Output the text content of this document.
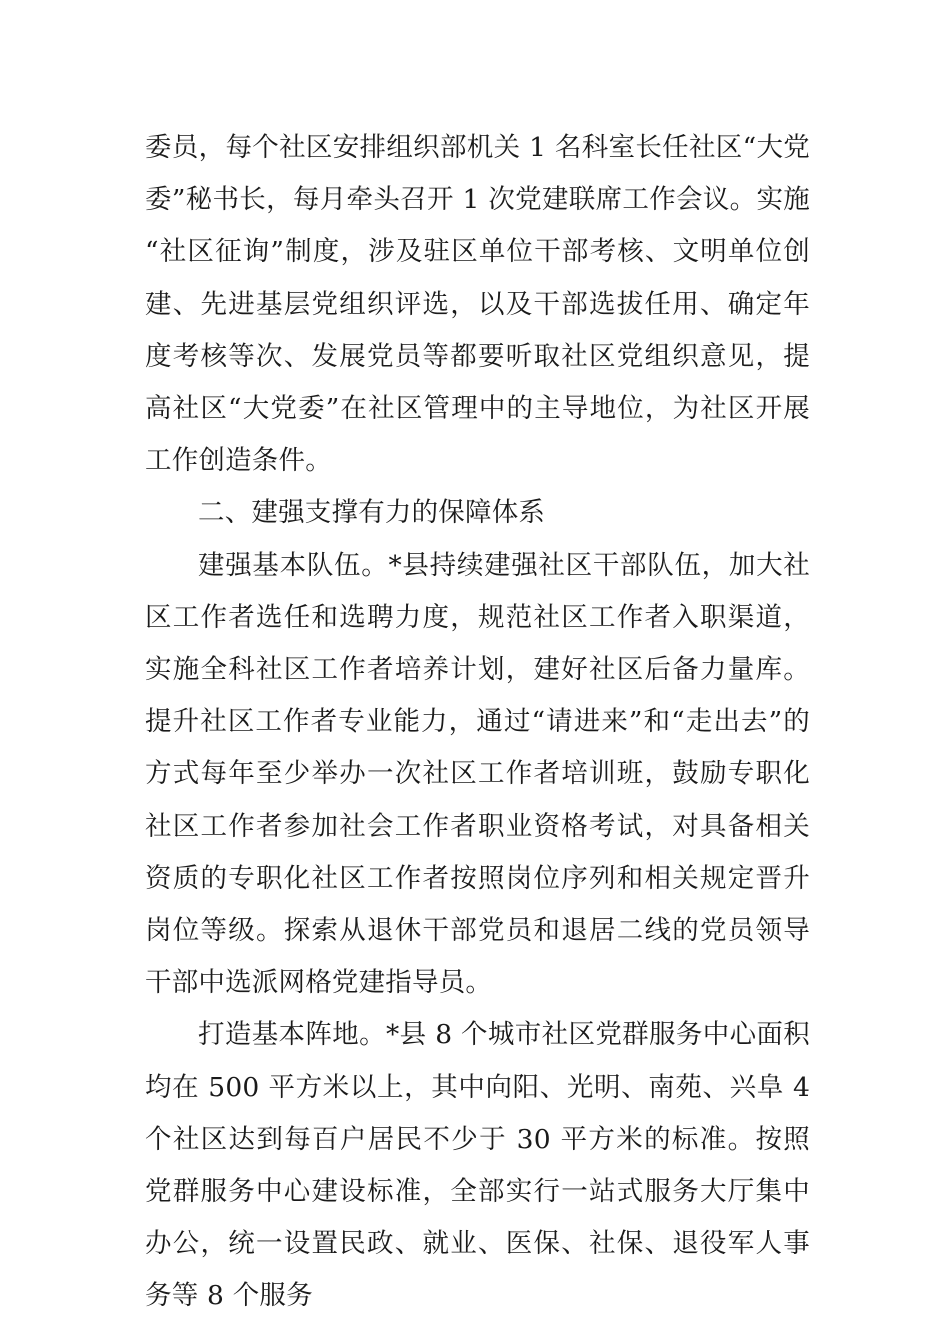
委员，每个社区安排组织部机关 1 名科室长任社区“大党委”秘书长，每月牵头召开 1 次党建联席工作会议。实施“社区征询”制度，涉及驻区单位干部考核、文明单位创建、先进基层党组织评选，以及干部选拔任用、确定年度考核等次、发展党员等都要听取社区党组织意见，提高社区“大党委”在社区管理中的主导地位，为社区开展工作创造条件。

二、建强支撑有力的保障体系

建强基本队伍。*县持续建强社区干部队伍，加大社区工作者选任和选聘力度，规范社区工作者入职渠道，实施全科社区工作者培养计划，建好社区后备力量库。提升社区工作者专业能力，通过“请进来”和“走出去”的方式每年至少举办一次社区工作者培训班，鼓励专职化社区工作者参加社会工作者职业资格考试，对具备相关资质的专职化社区工作者按照岗位序列和相关规定晋升岗位等级。探索从退休干部党员和退居二线的党员领导干部中选派网格党建指导员。

打造基本阵地。*县 8 个城市社区党群服务中心面积均在 500 平方米以上，其中向阳、光明、南苑、兴阜 4 个社区达到每百户居民不少于 30 平方米的标准。按照党群服务中心建设标准，全部实行一站式服务大厅集中办公，统一设置民政、就业、医保、社保、退役军人事务等 8 个服务
